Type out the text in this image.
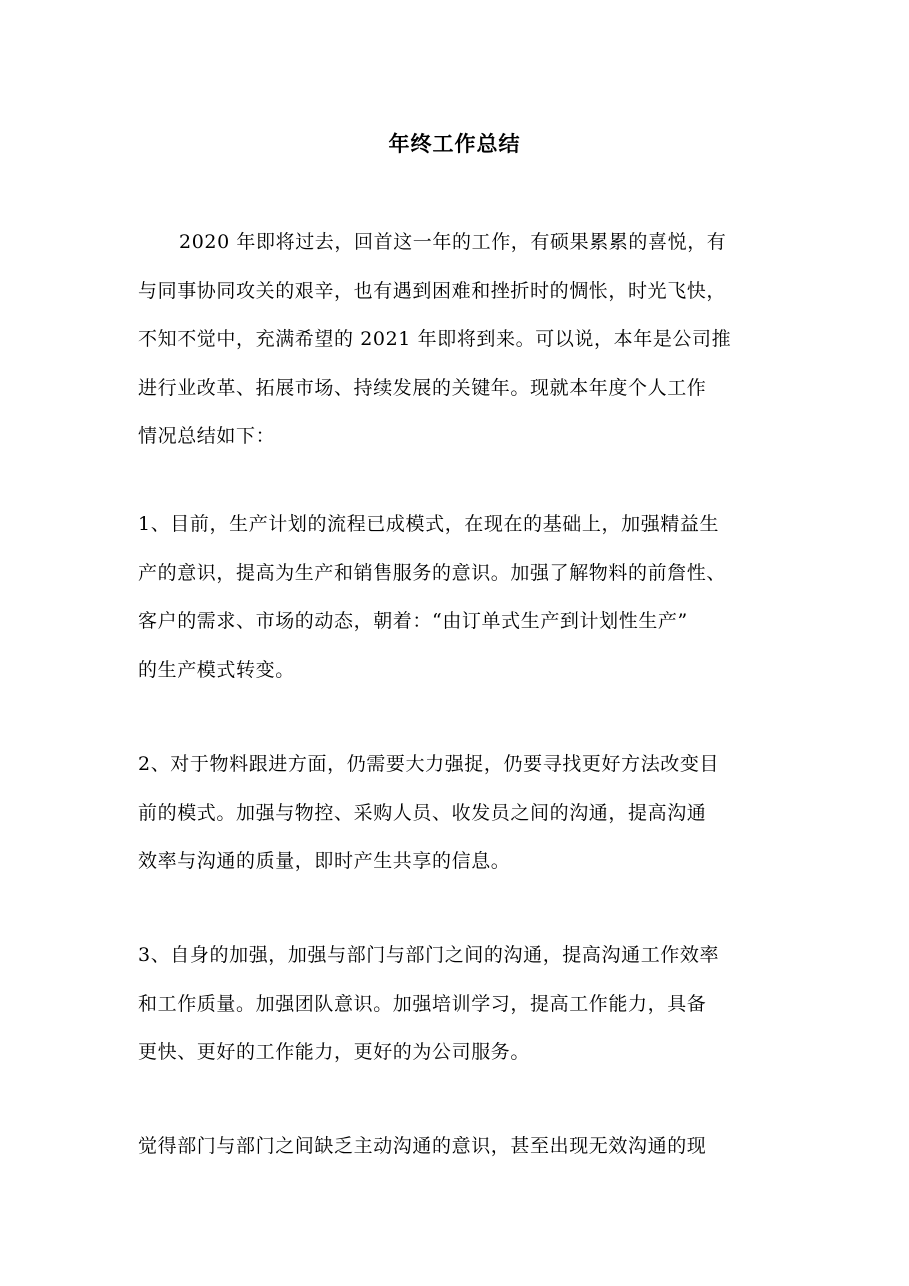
年终工作总结
2020 年即将过去，回首这一年的工作，有硕果累累的喜悦，有
与同事协同攻关的艰辛，也有遇到困难和挫折时的惆怅，时光飞快，
不知不觉中，充满希望的 2021 年即将到来。可以说，本年是公司推
进行业改革、拓展市场、持续发展的关键年。现就本年度个人工作
情况总结如下：
1、目前，生产计划的流程已成模式，在现在的基础上，加强精益生
产的意识，提高为生产和销售服务的意识。加强了解物料的前詹性、
客户的需求、市场的动态，朝着：“由订单式生产到计划性生产”
的生产模式转变。
2、对于物料跟进方面，仍需要大力强捉，仍要寻找更好方法改变目
前的模式。加强与物控、采购人员、收发员之间的沟通，提高沟通
效率与沟通的质量，即时产生共享的信息。
3、自身的加强，加强与部门与部门之间的沟通，提高沟通工作效率
和工作质量。加强团队意识。加强培训学习，提高工作能力，具备
更快、更好的工作能力，更好的为公司服务。
觉得部门与部门之间缺乏主动沟通的意识，甚至出现无效沟通的现
